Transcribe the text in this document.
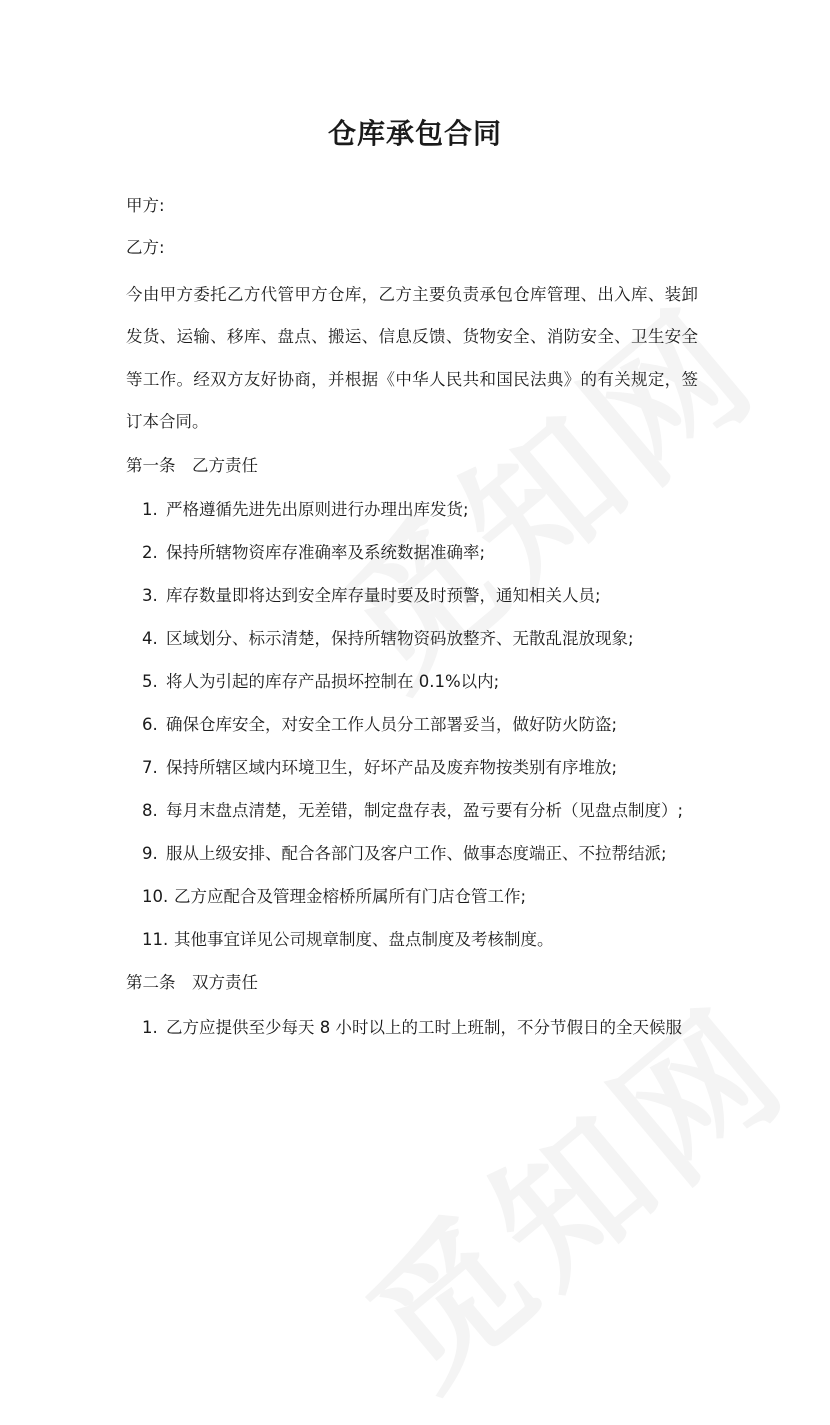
仓库承包合同
甲方:
乙方:
今由甲方委托乙方代管甲方仓库，乙方主要负责承包仓库管理、出入库、装卸发货、运输、移库、盘点、搬运、信息反馈、货物安全、消防安全、卫生安全等工作。经双方友好协商，并根据《中华人民共和国民法典》的有关规定，签订本合同。
第一条　乙方责任
1. 严格遵循先进先出原则进行办理出库发货;
2. 保持所辖物资库存准确率及系统数据准确率;
3. 库存数量即将达到安全库存量时要及时预警，通知相关人员;
4. 区域划分、标示清楚，保持所辖物资码放整齐、无散乱混放现象;
5. 将人为引起的库存产品损坏控制在 0.1%以内;
6. 确保仓库安全，对安全工作人员分工部署妥当，做好防火防盗;
7. 保持所辖区域内环境卫生，好坏产品及废弃物按类别有序堆放;
8. 每月末盘点清楚，无差错，制定盘存表，盈亏要有分析（见盘点制度）;
9. 服从上级安排、配合各部门及客户工作、做事态度端正、不拉帮结派;
10. 乙方应配合及管理金榕桥所属所有门店仓管工作;
11. 其他事宜详见公司规章制度、盘点制度及考核制度。
第二条　双方责任
1. 乙方应提供至少每天 8 小时以上的工时上班制，不分节假日的全天候服
